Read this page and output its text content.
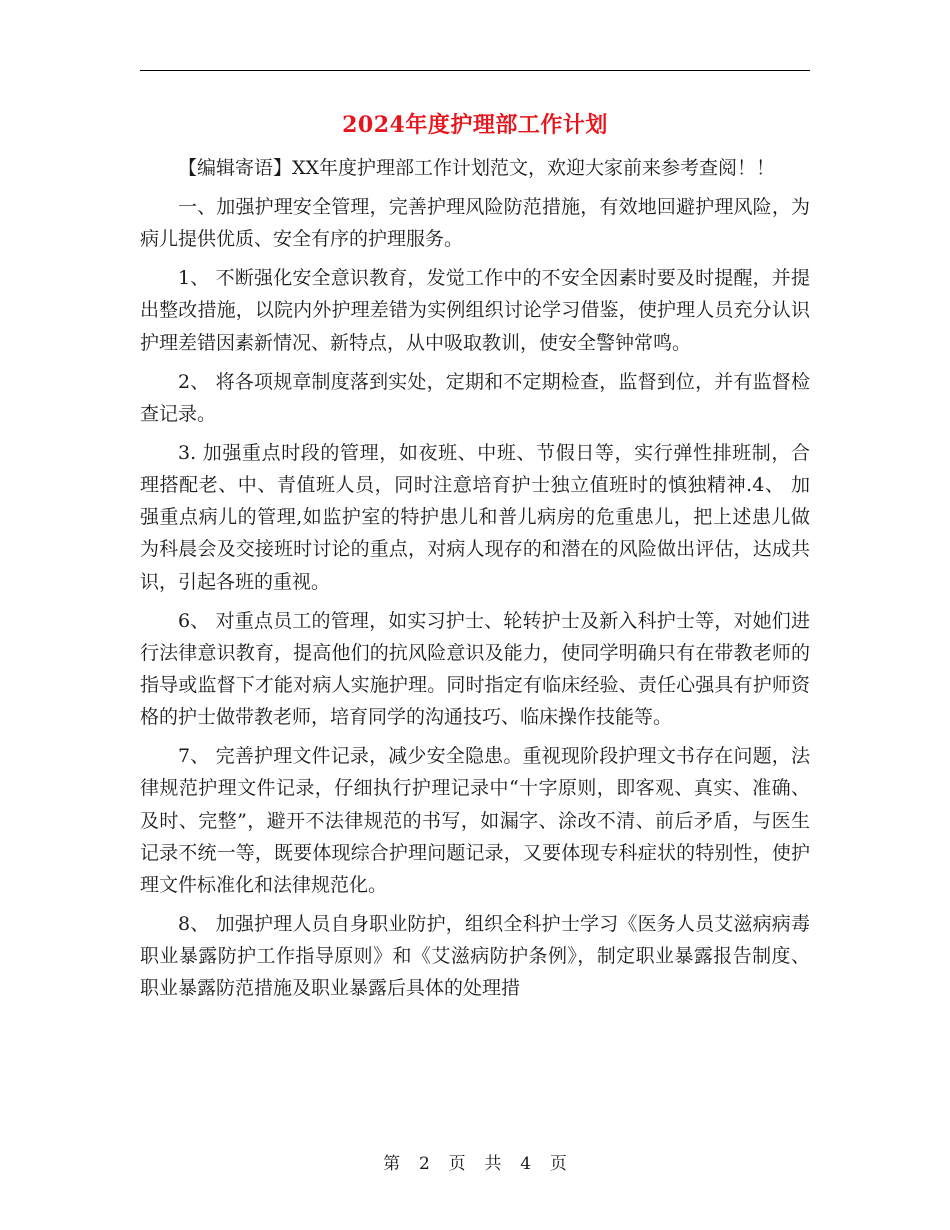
2024年度护理部工作计划

【编辑寄语】XX年度护理部工作计划范文，欢迎大家前来参考查阅！！

一、加强护理安全管理，完善护理风险防范措施，有效地回避护理风险，为病儿提供优质、安全有序的护理服务。

1、 不断强化安全意识教育，发觉工作中的不安全因素时要及时提醒，并提出整改措施，以院内外护理差错为实例组织讨论学习借鉴，使护理人员充分认识护理差错因素新情况、新特点，从中吸取教训，使安全警钟常鸣。

2、 将各项规章制度落到实处，定期和不定期检查，监督到位，并有监督检查记录。

3. 加强重点时段的管理，如夜班、中班、节假日等，实行弹性排班制，合理搭配老、中、青值班人员，同时注意培育护士独立值班时的慎独精神.4、 加强重点病儿的管理,如监护室的特护患儿和普儿病房的危重患儿，把上述患儿做为科晨会及交接班时讨论的重点，对病人现存的和潜在的风险做出评估，达成共识，引起各班的重视。

6、 对重点员工的管理，如实习护士、轮转护士及新入科护士等，对她们进行法律意识教育，提高他们的抗风险意识及能力，使同学明确只有在带教老师的指导或监督下才能对病人实施护理。同时指定有临床经验、责任心强具有护师资格的护士做带教老师，培育同学的沟通技巧、临床操作技能等。

7、 完善护理文件记录，减少安全隐患。重视现阶段护理文书存在问题，法律规范护理文件记录，仔细执行护理记录中“十字原则，即客观、真实、准确、及时、完整”，避开不法律规范的书写，如漏字、涂改不清、前后矛盾，与医生记录不统一等，既要体现综合护理问题记录，又要体现专科症状的特别性，使护理文件标准化和法律规范化。

8、 加强护理人员自身职业防护，组织全科护士学习《医务人员艾滋病病毒职业暴露防护工作指导原则》和《艾滋病防护条例》，制定职业暴露报告制度、职业暴露防范措施及职业暴露后具体的处理措

第 2 页 共 4 页
